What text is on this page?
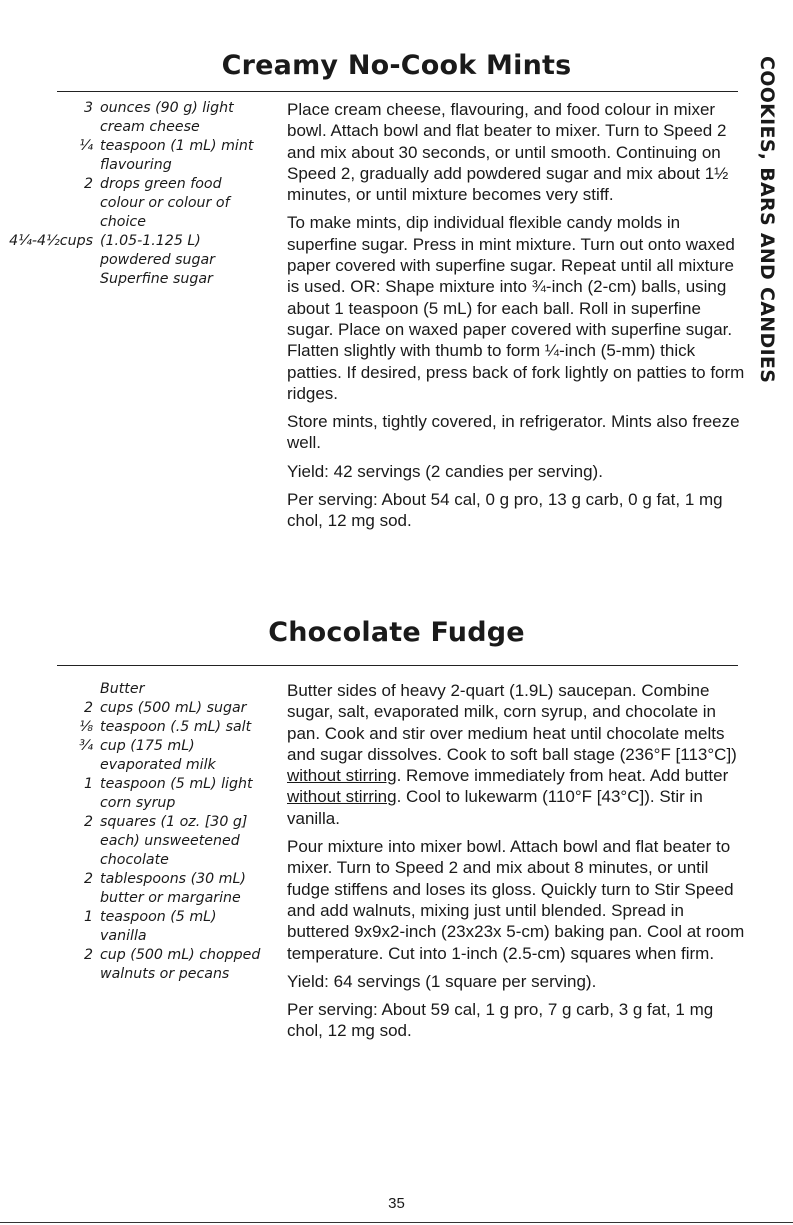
COOKIES, BARS AND CANDIES
Creamy No-Cook Mints
3 ounces (90 g) light cream cheese
¼ teaspoon (1 mL) mint flavouring
2 drops green food colour or colour of choice
4¼-4½cups (1.05-1.125 L) powdered sugar
Superfine sugar

Place cream cheese, flavouring, and food colour in mixer bowl. Attach bowl and flat beater to mixer. Turn to Speed 2 and mix about 30 seconds, or until smooth. Continuing on Speed 2, gradually add powdered sugar and mix about 1½ minutes, or until mixture becomes very stiff.

To make mints, dip individual flexible candy molds in superfine sugar. Press in mint mixture. Turn out onto waxed paper covered with superfine sugar. Repeat until all mixture is used. OR: Shape mixture into ¾-inch (2-cm) balls, using about 1 teaspoon (5 mL) for each ball. Roll in superfine sugar. Place on waxed paper covered with superfine sugar. Flatten slightly with thumb to form ¼-inch (5-mm) thick patties. If desired, press back of fork lightly on patties to form ridges.

Store mints, tightly covered, in refrigerator. Mints also freeze well.

Yield: 42 servings (2 candies per serving).

Per serving: About 54 cal, 0 g pro, 13 g carb, 0 g fat, 1 mg chol, 12 mg sod.

Chocolate Fudge
Butter
2 cups (500 mL) sugar
⅛ teaspoon (.5 mL) salt
¾ cup (175 mL) evaporated milk
1 teaspoon (5 mL) light corn syrup
2 squares (1 oz. [30 g] each) unsweetened chocolate
2 tablespoons (30 mL) butter or margarine
1 teaspoon (5 mL) vanilla
2 cup (500 mL) chopped walnuts or pecans

Butter sides of heavy 2-quart (1.9L) saucepan. Combine sugar, salt, evaporated milk, corn syrup, and chocolate in pan. Cook and stir over medium heat until chocolate melts and sugar dissolves. Cook to soft ball stage (236°F [113°C]) without stirring. Remove immediately from heat. Add butter without stirring. Cool to lukewarm (110°F [43°C]). Stir in vanilla.

Pour mixture into mixer bowl. Attach bowl and flat beater to mixer. Turn to Speed 2 and mix about 8 minutes, or until fudge stiffens and loses its gloss. Quickly turn to Stir Speed and add walnuts, mixing just until blended. Spread in buttered 9x9x2-inch (23x23x 5-cm) baking pan. Cool at room temperature. Cut into 1-inch (2.5-cm) squares when firm.

Yield: 64 servings (1 square per serving).

Per serving: About 59 cal, 1 g pro, 7 g carb, 3 g fat, 1 mg chol, 12 mg sod.

35
